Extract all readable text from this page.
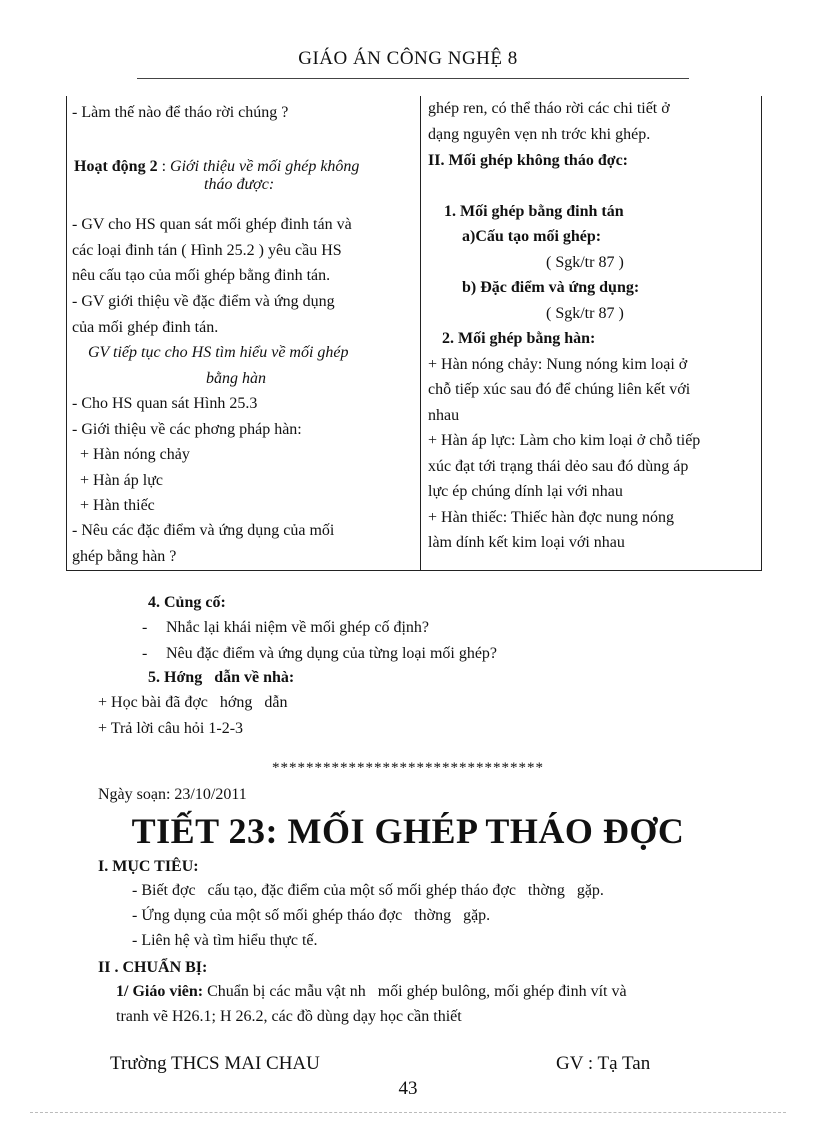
GIÁO ÁN CÔNG NGHỆ 8
- Làm thế nào để tháo rời chúng ?
Hoạt động 2 : Giới thiệu về mối ghép không
tháo được:
- GV cho HS quan sát mối ghép đinh tán và
các loại đinh tán ( Hình 25.2 ) yêu cầu HS
nêu cấu tạo của mối ghép bằng đinh tán.
- GV giới thiệu về đặc điểm và ứng dụng
của mối ghép đinh tán.
GV tiếp tục cho HS tìm hiểu về mối ghép
bằng hàn
- Cho HS quan sát Hình 25.3
- Giới thiệu về các phơng pháp hàn:
+ Hàn nóng chảy
+ Hàn áp lực
+ Hàn thiếc
- Nêu các đặc điểm và ứng dụng của mối
ghép bằng hàn ?
ghép ren, có thể tháo rời các chi tiết ở
dạng nguyên vẹn nh trớc khi ghép.
II. Mối ghép không tháo đợc:
1. Mối ghép bằng đinh tán
a)Cấu tạo mối ghép:
( Sgk/tr 87 )
b) Đặc điểm và ứng dụng:
( Sgk/tr 87 )
2. Mối ghép bằng hàn:
+ Hàn nóng chảy: Nung nóng kim loại ở
chỗ tiếp xúc sau đó để chúng liên kết với
nhau
+ Hàn áp lực: Làm cho kim loại ở chỗ tiếp
xúc đạt tới trạng thái dẻo sau đó dùng áp
lực ép chúng dính lại với nhau
+ Hàn thiếc: Thiếc hàn đợc nung nóng
làm dính kết kim loại với nhau
4. Củng cố:
- Nhắc lại khái niệm về mối ghép cố định?
- Nêu đặc điểm và ứng dụng của từng loại mối ghép?
5. Hớng   dẫn về nhà:
+ Học bài đã đợc   hớng   dẫn
+ Trả lời câu hỏi 1-2-3
********************************
Ngày soạn: 23/10/2011
TIẾT 23: MỐI GHÉP THÁO ĐỢC
I. MỤC TIÊU:
- Biết đợc   cấu tạo, đặc điểm của một số mối ghép tháo đợc   thờng   gặp.
- Ứng dụng của một số mối ghép tháo đợc   thờng   gặp.
- Liên hệ và tìm hiểu thực tế.
II . CHUẨN BỊ:
1/ Giáo viên: Chuẩn bị các mẫu vật nh   mối ghép bulông, mối ghép đinh vít và
tranh vẽ H26.1; H 26.2, các đồ dùng dạy học cần thiết
Trường THCS MAI CHAU	GV : Tạ Tan
43
